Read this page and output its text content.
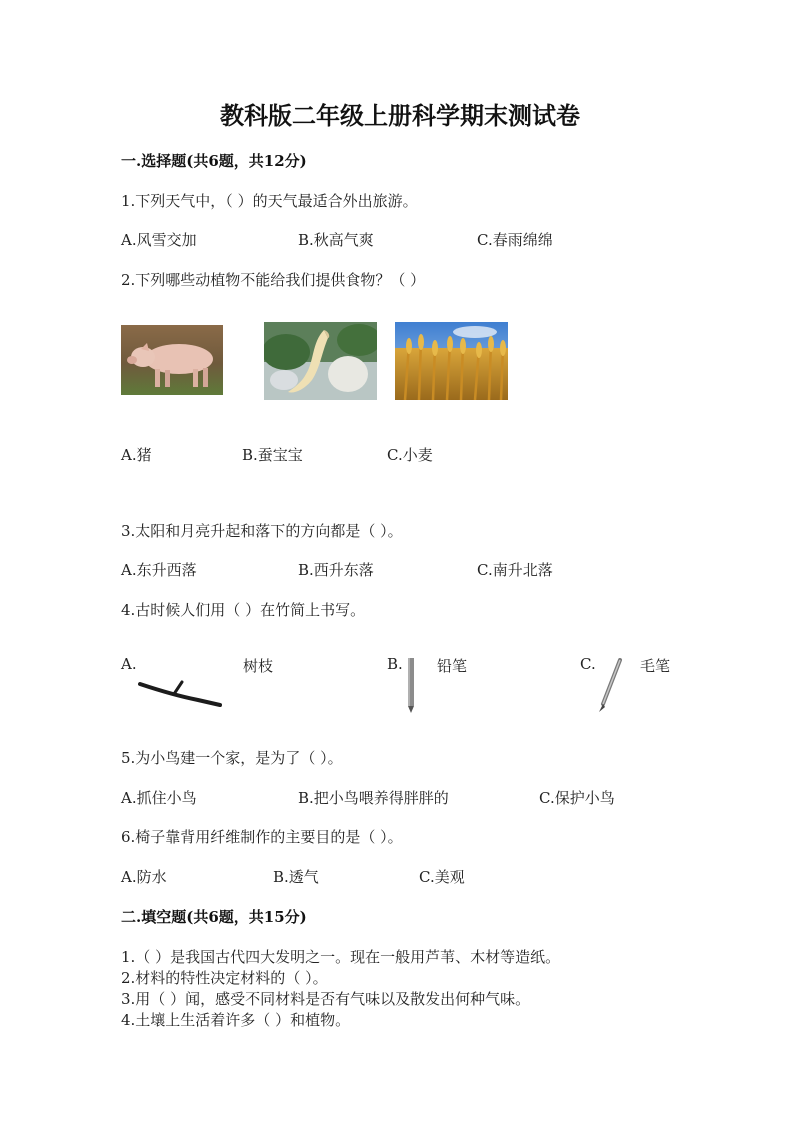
教科版二年级上册科学期末测试卷
一.选择题(共6题，共12分)
1.下列天气中，（ ）的天气最适合外出旅游。
A.风雪交加	B.秋高气爽	C.春雨绵绵
2.下列哪些动植物不能给我们提供食物？（ ）
A.猪	B.蚕宝宝	C.小麦
3.太阳和月亮升起和落下的方向都是（ ）。
A.东升西落	B.西升东落	C.南升北落
4.古时候人们用（ ）在竹简上书写。
A.	树枝	B. 铅笔	C.	毛笔
5.为小鸟建一个家，是为了（ ）。
A.抓住小鸟	B.把小鸟喂养得胖胖的	C.保护小鸟
6.椅子靠背用纤维制作的主要目的是（ ）。
A.防水	B.透气	C.美观
二.填空题(共6题，共15分)
1.（ ）是我国古代四大发明之一。现在一般用芦苇、木材等造纸。
2.材料的特性决定材料的（ ）。
3.用（ ）闻，感受不同材料是否有气味以及散发出何种气味。
4.土壤上生活着许多（ ）和植物。
